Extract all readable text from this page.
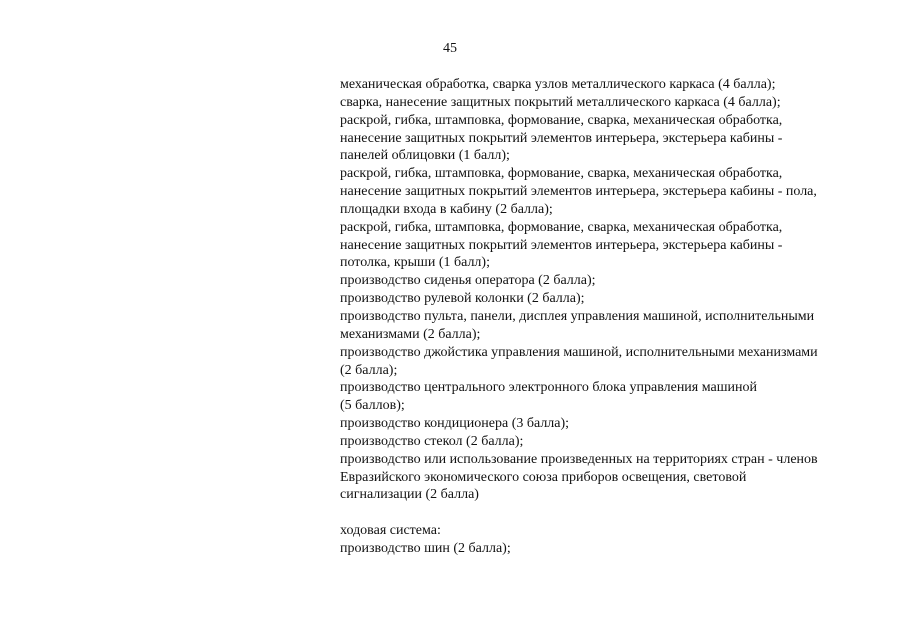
45
механическая обработка, сварка узлов металлического каркаса (4 балла);
сварка, нанесение защитных покрытий металлического каркаса (4 балла);
раскрой, гибка, штамповка, формование, сварка, механическая обработка,
нанесение защитных покрытий элементов интерьера, экстерьера кабины -
панелей облицовки (1 балл);
раскрой, гибка, штамповка, формование, сварка, механическая обработка,
нанесение защитных покрытий элементов интерьера, экстерьера кабины - пола,
площадки входа в кабину (2 балла);
раскрой, гибка, штамповка, формование, сварка, механическая обработка,
нанесение защитных покрытий элементов интерьера, экстерьера кабины -
потолка, крыши (1 балл);
производство сиденья оператора (2 балла);
производство рулевой колонки (2 балла);
производство пульта, панели, дисплея управления машиной, исполнительными
механизмами (2 балла);
производство джойстика управления машиной, исполнительными механизмами
(2 балла);
производство центрального электронного блока управления машиной
(5 баллов);
производство кондиционера (3 балла);
производство стекол (2 балла);
производство или использование произведенных на территориях стран - членов
Евразийского экономического союза приборов освещения, световой
сигнализации (2 балла)
ходовая система:
производство шин (2 балла);
